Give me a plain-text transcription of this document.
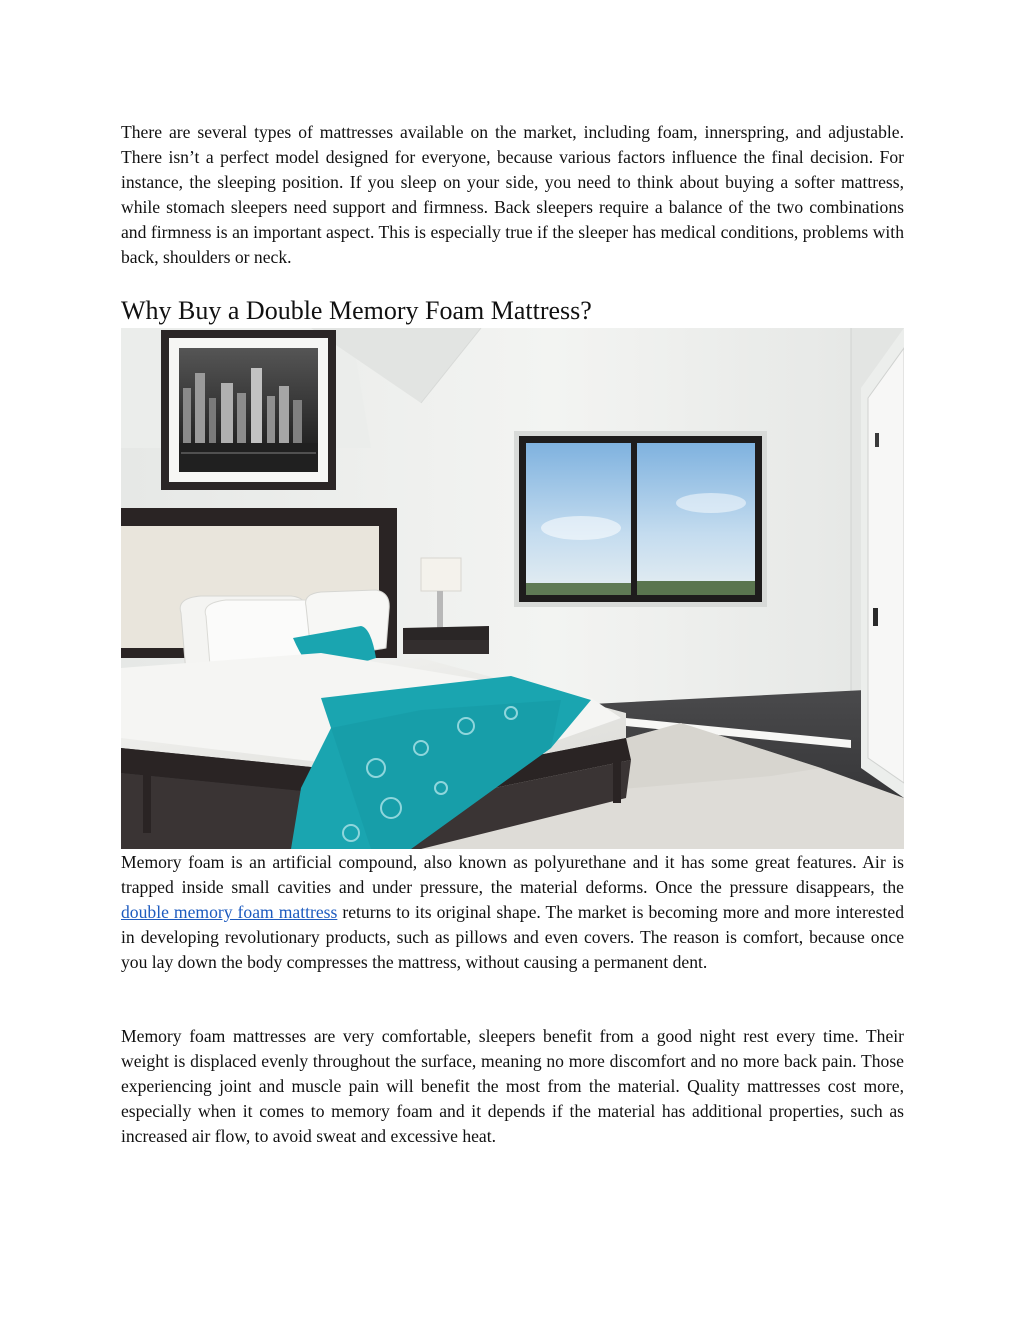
There are several types of mattresses available on the market, including foam, innerspring, and adjustable. There isn’t a perfect model designed for everyone, because various factors influence the final decision. For instance, the sleeping position. If you sleep on your side, you need to think about buying a softer mattress, while stomach sleepers need support and firmness. Back sleepers require a balance of the two combinations and firmness is an important aspect. This is especially true if the sleeper has medical conditions, problems with back, shoulders or neck.

Why Buy a Double Memory Foam Mattress?

Memory foam is an artificial compound, also known as polyurethane and it has some great features. Air is trapped inside small cavities and under pressure, the material deforms. Once the pressure disappears, the double memory foam mattress returns to its original shape. The market is becoming more and more interested in developing revolutionary products, such as pillows and even covers. The reason is comfort, because once you lay down the body compresses the mattress, without causing a permanent dent.

Memory foam mattresses are very comfortable, sleepers benefit from a good night rest every time. Their weight is displaced evenly throughout the surface, meaning no more discomfort and no more back pain. Those experiencing joint and muscle pain will benefit the most from the material. Quality mattresses cost more, especially when it comes to memory foam and it depends if the material has additional properties, such as increased air flow, to avoid sweat and excessive heat.
